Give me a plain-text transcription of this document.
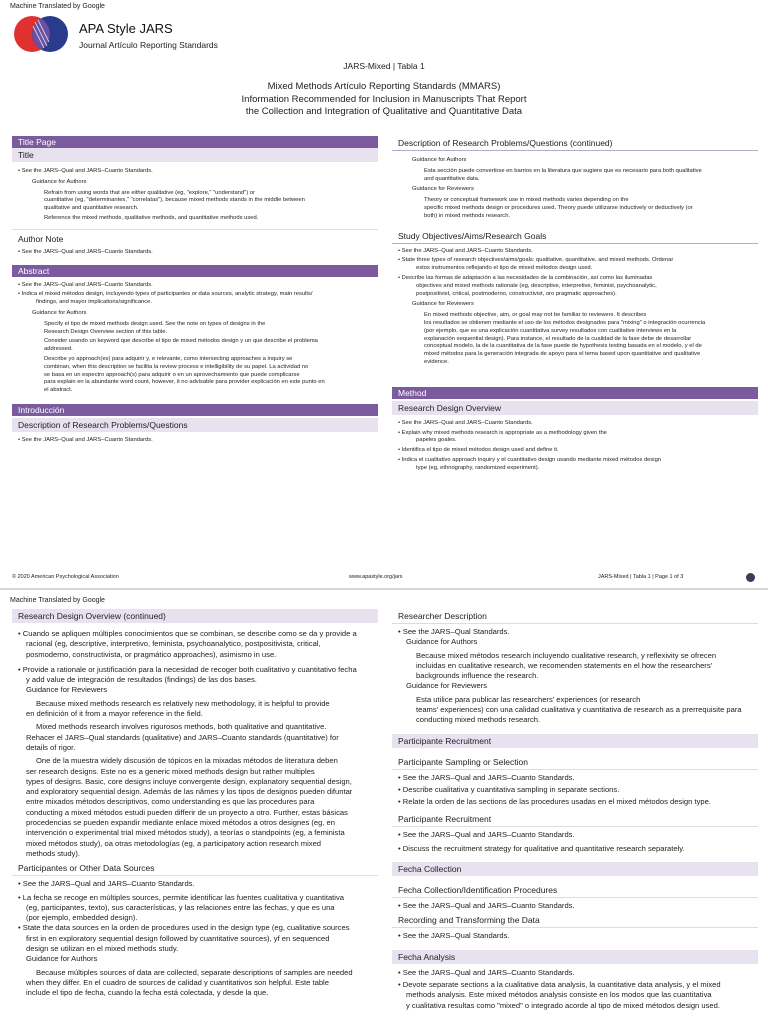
Machine Translated by Google
APA Style JARS
Journal Artículo Reporting Standards
JARS-Mixed | Tabla 1
Mixed Methods Artículo Reporting Standards (MMARS)
Information Recommended for Inclusion in Manuscripts That Report
the Collection and Integration of Qualitative and Quantitative Data
Title Page
Title

• See the JARS–Qual and JARS–Cuanto Standards.

Guidance for Authors

Refrain from using words that are either qualitative (eg, "explore," "understand") or

cuantitative (eg, "determinantes," "correlatas"), because mixed methods stands in the middle between

qualitative and quantitative research.

Reference the mixed methods, qualitative methods, and quantitative methods used.

Author Note

• See the JARS–Qual and JARS–Cuanto Standards.

Abstract

• See the JARS–Qual and JARS–Cuanto Standards.

• Indica el mixed métodos design, incluyendo types of participantes or data sources, analytic strategy, main results/

findings, and mayor implications/significance.

Guidance for Authors

Specify el tipo de mixed methods design used. See the note on types of designs in the

Research Design Overview section of this table.

Consider usando un keyword que describe el tipo de mixed métodos design y un que describe el problema

addressed.

Describe yo approach(es) para adquirir y, e relevante, como intersecting approaches a inquiry se

combinan, when this description se facilita la review process e intelligibility de su papel. La actividad no

se basa en un espectro approach(s) para adquirir o en un aprovechamiento que puede complicarse

para explain en la abundante word count, however, it no advisable para provider explicación en este punto en

el abstract.

Introducción
Description of Research Problems/Questions

• See the JARS–Qual and JARS–Cuanto Standards.

Description of Research Problems/Questions (continued)

Guidance for Authors

Esta sección puede convertirse en barrios en la literatura que sugiere que es necesario para both qualitative

and quantitative data.

Guidance for Reviewers

Theory or conceptual framework use in mixed methods varies depending on the

specific mixed methods design or procedures used. Theory puede utilizarse inductively or deductively (or

both) in mixed methods research.

Study Objectives/Aims/Research Goals

• See the JARS–Qual and JARS–Cuanto Standards.

• State three types of research objectives/aims/goals: qualitative, quantitative, and mixed methods. Ordenar

estos instrumentos reflejando el tipo de mixed métodos design used.

• Describe las formas de adaptación a las necesidades de la combinación, así como las iluminadas

objectives and mixed methods rationale (eg, descriptive, interpretive, feminist, psychoanalytic,

postpositivist, critical, postmoderno, constructivist, oro pragmatic approaches).

Guidance for Reviewers

En mixed methods objective, aim, or goal may not be familiar to reviewers. It describes

los resultados se obtienen mediante el uso de los métodos designados para "mixing" o integración ocurrencia

(por ejemplo, que es una explicación cuantitativa survey resultados con cualitative interviews en la

explanación sequential design). Para instance, el resultado de la cualidad de la fase debe de desarrollar

conceptual modelo, la de la cuantitativa de la fase puede de hypothesis testing basada en el modelo, y el de

mixed métodos para la generación integrada de apoyo para el tema based upon quantitative and qualitative

evidence.

Method
Research Design Overview

• See the JARS–Qual and JARS–Cuanto Standards.

• Explain why mixed methods research is appropriate as a methodology given the

papeles goales.

• Identifica el tipo de mixed métodos design used and define it.

• Indica el cualitativo approach inquiry y el cuantitativo design usando mediante mixed métodos design

type (eg, ethnography, randomized experiment).

© 2020 American Psychological Association	www.apastyle.org/jars	JARS-Mixed | Tabla 1 | Page 1 of 3
Machine Translated by Google
Research Design Overview (continued)

• Cuando se apliquen múltiples conocimientos que se combinan, se describe como se da y provide a

racional (eg, descriptive, interpretivo, feminista, psychoanalytico, postpositivista, critical,

posmoderno, constructivista, or pragmático approaches), asimismo in use.

• Provide a rationale or justificación para la necesidad de recoger both cualitativo y cuantitativo fecha

y add value de integración de resultados (findings) de las dos bases.

Guidance for Reviewers

Because mixed methods research es relatively new methodology, it is helpful to provide

en definición of it from a mayor reference in the field.

Mixed methods research involves rigurosos methods, both qualitative and quantitative.

Rehacer el JARS–Qual standards (qualitative) and JARS–Cuanto standards (quantitative) for

details of rigor.

One de la muestra widely discusión de tópicos en la mixadas métodos de literatura deben

ser research designs. Este no es a generic mixed methods design but rather multiples

types of designs. Basic, core designs incluye convergente design, explanatory sequential design,

and exploratory sequential design. Además de las nâmes y los tipos de designos pueden difuntar

entre mixados métodos descriptivos, como understanding es que las procedures para

conducting a mixed métodos estudi pueden differir de un proyecto a otro. Further, estas básicas

procedencias se pueden expandir mediante enlace mixed métodos a otros designes (eg, en

intervención o experimental trial mixed métodos study), a teorías o standpoints (eg, a feminista

mixed métodos study), oa otras metodologías (eg, a participatory action research mixed

methods study).

Participantes or Other Data Sources

• See the JARS–Qual and JARS–Cuanto Standards.

• La fecha se recoge en múltiples sources, permite identificar las fuentes cualitativa y cuantitativa

(eg, participantes, texto), sus características, y las relaciones entre las fechas, y que es una

(por ejemplo, embedded design).

• State the data sources en la orden de procedures used in the design type (eg, cualitative sources

first in en exploratory sequential design followed by cuantitative sources), yf en sequenced

design se utilizan en el mixed methods study.

Guidance for Authors

Because múltiples sources of data are collected, separate descriptions of samples are needed

when they differ. En el cuadro de sources de calidad y cuantitativos son helpful. Este table

include el tipo de fecha, cuando la fecha está colectada, y desde la que.

Researcher Description

• See the JARS–Qual Standards.

Guidance for Authors

Because mixed métodos research incluyendo cualitative research, y reflexivity se ofrecen

incluidas en cualitative research, we recomenden statements en el how the researchers'

backgrounds influence the research.

Guidance for Reviewers

Esta utilice para publicar las researchers' experiences (or research

teams' experiences) con una calidad cualitativa y cuantitativa de research as a prerrequisite para

conducting mixed methods research.

Participante Recruitment
Participante Sampling or Selection

• See the JARS–Qual and JARS–Cuanto Standards.

• Describe cualitativa y cuantitativa sampling in separate sections.

• Relate la orden de las sections de las procedures usadas en el mixed métodos design type.

Participante Recruitment

• See the JARS–Qual and JARS–Cuanto Standards.

• Discuss the recruitment strategy for qualitative and quantitative research separately.

Fecha Collection
Fecha Collection/Identification Procedures

• See the JARS–Qual and JARS–Cuanto Standards.

Recording and Transforming the Data

• See the JARS–Qual Standards.

Fecha Analysis

• See the JARS–Qual and JARS–Cuanto Standards.

• Devote separate sections a la cualitative data analysis, la cuantitative data analysis, y el mixed

methods analysis. Este mixed métodos analysis consiste en los modos que las cuantitativa

y cualitativa resultas como "mixed" o integrado acorde al tipo de mixed métodos design used.
